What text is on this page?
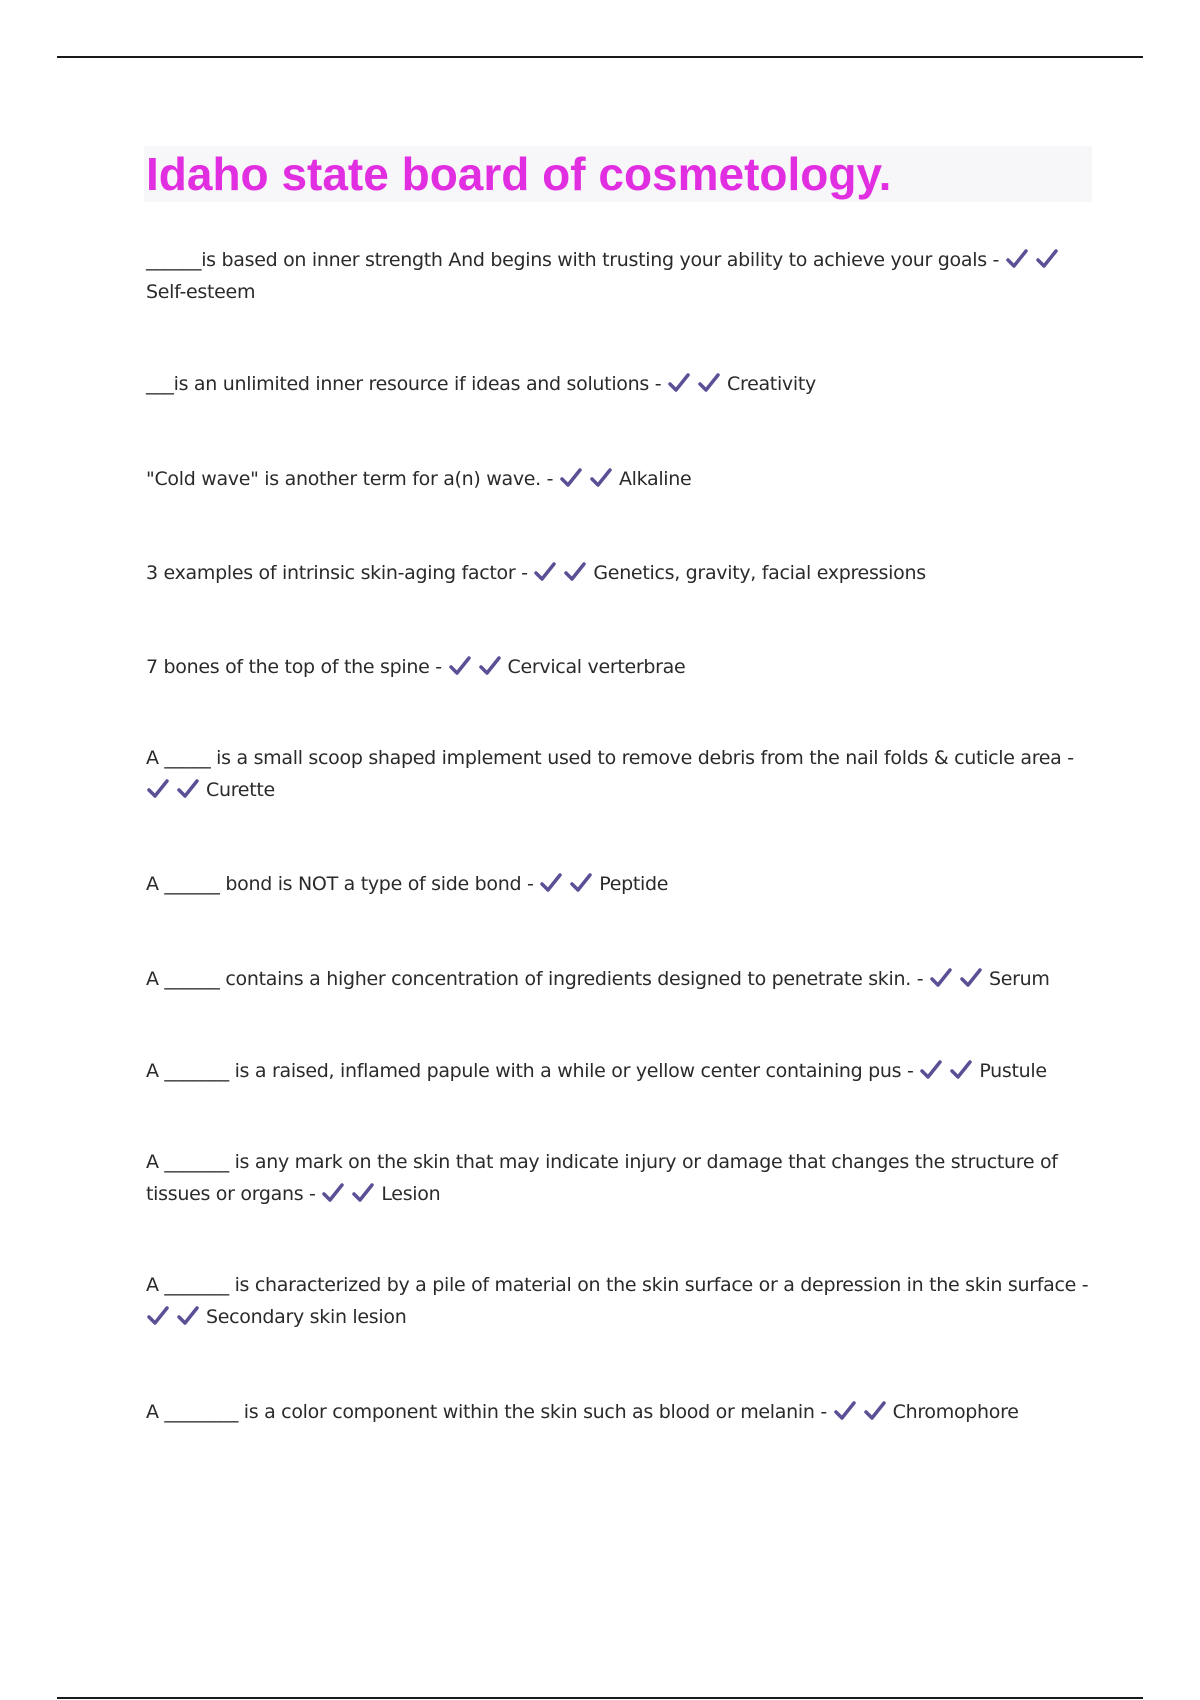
Idaho state board of cosmetology.

______is based on inner strength And begins with trusting your ability to achieve your goals -
Self-esteem

___is an unlimited inner resource if ideas and solutions -	Creativity

"Cold wave" is another term for a(n) wave. -	Alkaline

3 examples of intrinsic skin-aging factor -	Genetics, gravity, facial expressions

7 bones of the top of the spine -	Cervical verterbrae

A _____ is a small scoop shaped implement used to remove debris from the nail folds & cuticle area -
Curette

A ______ bond is NOT a type of side bond -	Peptide

A ______ contains a higher concentration of ingredients designed to penetrate skin. -	Serum

A _______ is a raised, inflamed papule with a while or yellow center containing pus -	Pustule

A _______ is any mark on the skin that may indicate injury or damage that changes the structure of tissues or organs -	Lesion

A _______ is characterized by a pile of material on the skin surface or a depression in the skin surface -
Secondary skin lesion

A ________ is a color component within the skin such as blood or melanin -	Chromophore
